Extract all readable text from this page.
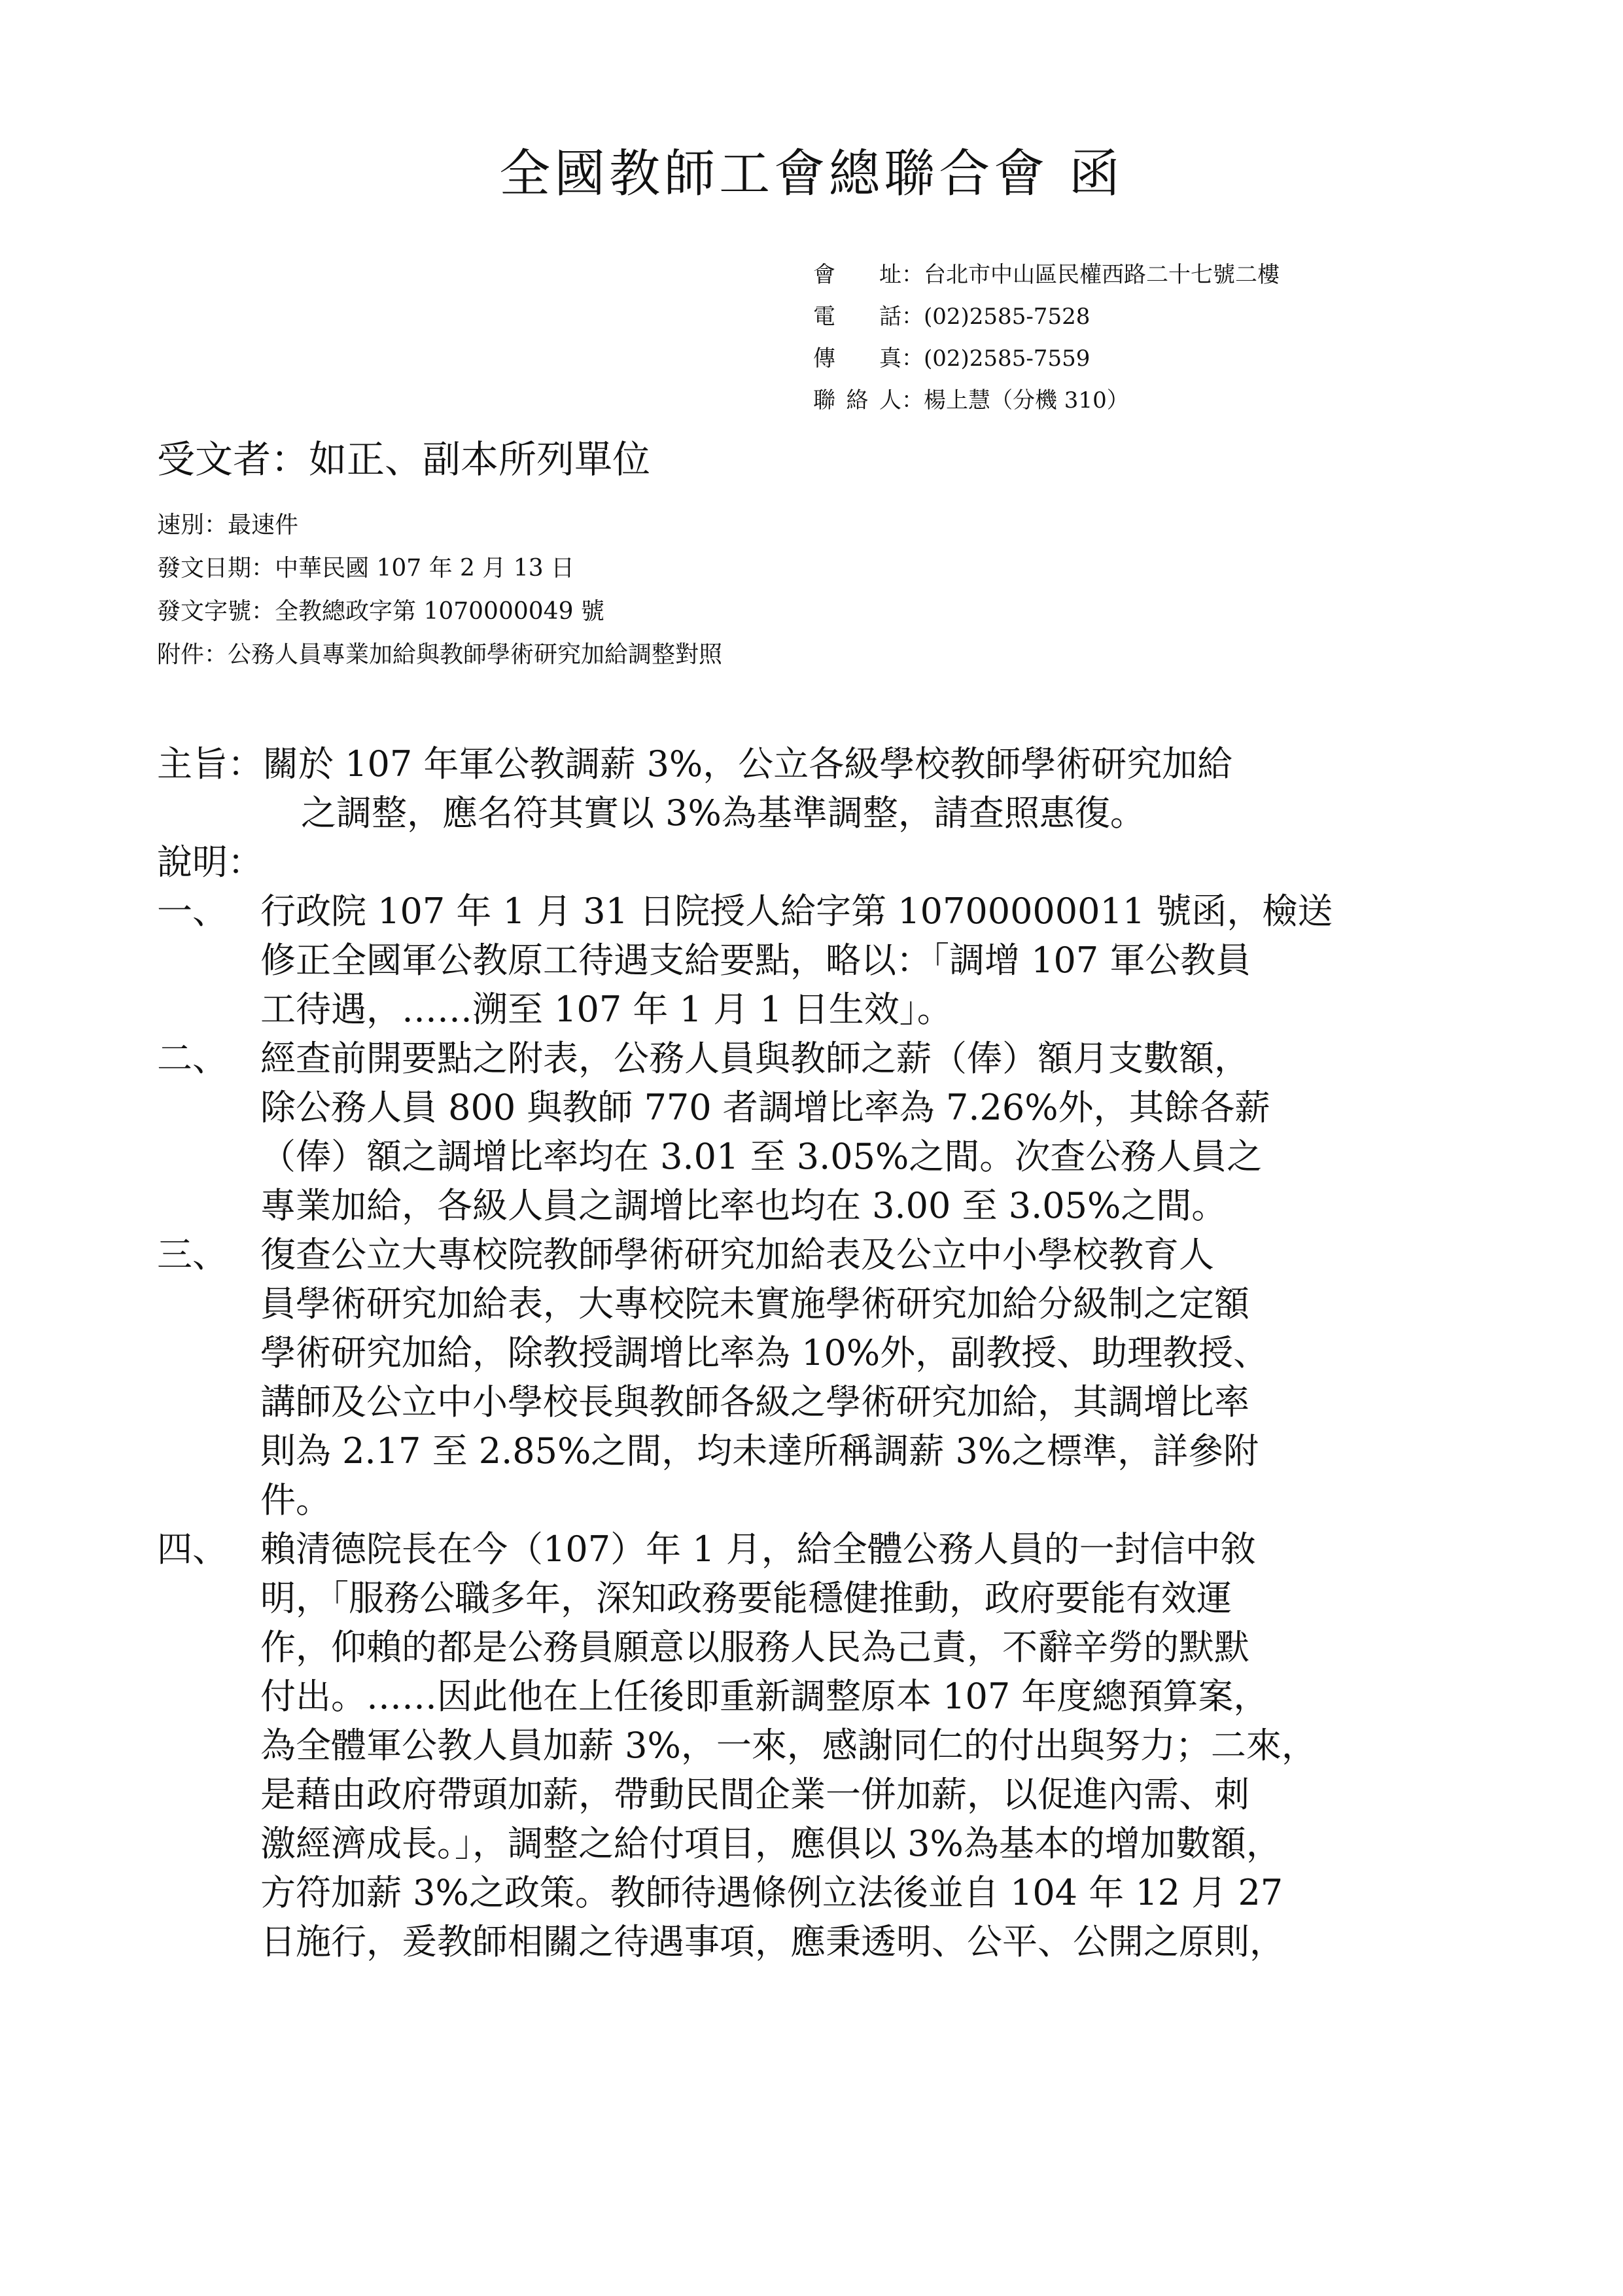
全國教師工會總聯合會 函
會　址：台北市中山區民權西路二十七號二樓
電　話：(02)2585-7528
傳　真：(02)2585-7559
聯絡人：楊上慧（分機 310）
受文者：如正、副本所列單位
速別：最速件
發文日期：中華民國 107 年 2 月 13 日
發文字號：全教總政字第 1070000049 號
附件：公務人員專業加給與教師學術研究加給調整對照
主旨：關於 107 年軍公教調薪 3%，公立各級學校教師學術研究加給
之調整，應名符其實以 3%為基準調整，請查照惠復。
說明：
一、 行政院 107 年 1 月 31 日院授人給字第 10700000011 號函，檢送
修正全國軍公教原工待遇支給要點，略以：「調增 107 軍公教員
工待遇，……溯至 107 年 1 月 1 日生效」。
二、 經查前開要點之附表，公務人員與教師之薪（俸）額月支數額，
除公務人員 800 與教師 770 者調增比率為 7.26%外，其餘各薪
（俸）額之調增比率均在 3.01 至 3.05%之間。次查公務人員之
專業加給，各級人員之調增比率也均在 3.00 至 3.05%之間。
三、 復查公立大專校院教師學術研究加給表及公立中小學校教育人
員學術研究加給表，大專校院未實施學術研究加給分級制之定額
學術研究加給，除教授調增比率為 10%外，副教授、助理教授、
講師及公立中小學校長與教師各級之學術研究加給，其調增比率
則為 2.17 至 2.85%之間，均未達所稱調薪 3%之標準，詳參附
件。
四、 賴清德院長在今（107）年 1 月，給全體公務人員的一封信中敘
明，「服務公職多年，深知政務要能穩健推動，政府要能有效運
作，仰賴的都是公務員願意以服務人民為己責，不辭辛勞的默默
付出。……因此他在上任後即重新調整原本 107 年度總預算案，
為全體軍公教人員加薪 3%，一來，感謝同仁的付出與努力；二來，
是藉由政府帶頭加薪，帶動民間企業一併加薪，以促進內需、刺
激經濟成長。」，調整之給付項目，應俱以 3%為基本的增加數額，
方符加薪 3%之政策。教師待遇條例立法後並自 104 年 12 月 27
日施行，爰教師相關之待遇事項，應秉透明、公平、公開之原則，
